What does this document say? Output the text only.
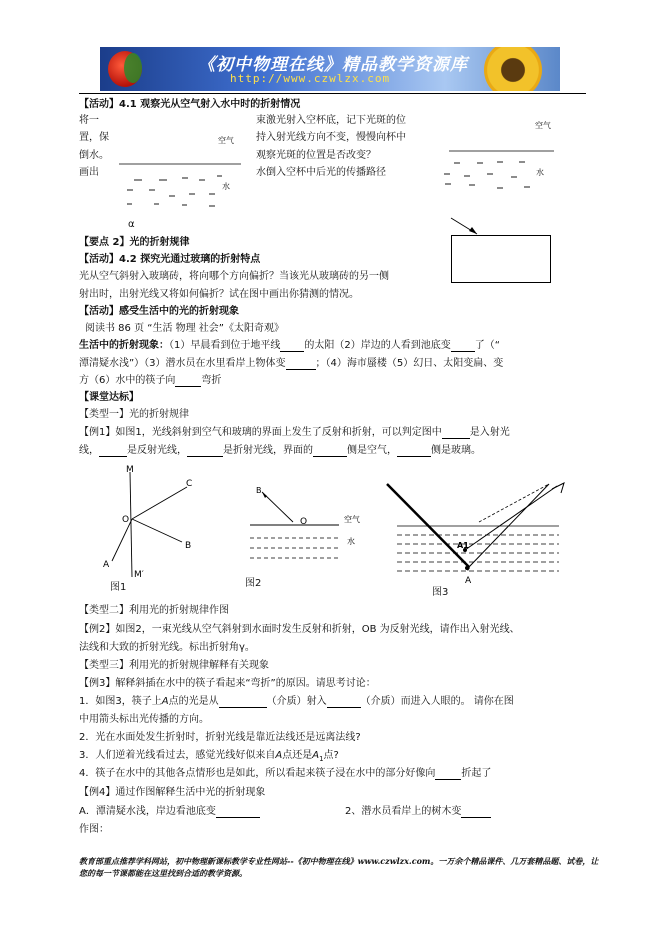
《初中物理在线》精品教学资源库
http://www.czwlzx.com
【活动】4.1 观察光从空气射入水中时的折射情况
将一
置，保
倒水。
画出
束激光射入空杯底，记下光斑的位
持入射光线方向不变，慢慢向杯中
观察光斑的位置是否改变？
水倒入空杯中后光的传播路径
空气
水
空气
水
α
【要点 2】光的折射规律
【活动】4.2 探究光通过玻璃的折射特点
光从空气斜射入玻璃砖，将向哪个方向偏折？当该光从玻璃砖的另一侧
射出时，出射光线又将如何偏折？试在图中画出你猜测的情况。
【活动】感受生活中的光的折射现象
阅读书 86 页 “生活 物理 社会”《太阳奇观》
生活中的折射现象：（1）早晨看到位于地平线 的太阳（2）岸边的人看到池底变 了（“
潭清疑水浅”）（3）潜水员在水里看岸上物体变	；（4）海市蜃楼（5）幻日、太阳变扁、变
方（6）水中的筷子向	弯折
【课堂达标】
【类型一】光的折射规律
【例1】如图1，光线斜射到空气和玻璃的界面上发生了反射和折射，可以判定图中	是入射光
线，	是反射光线，	是折射光线，界面的	侧是空气，	侧是玻璃。
M
C
O
B
A
M′
B
O	空气
水	A1
A
图1	图2
图3
【类型二】利用光的折射规律作图
【例2】如图2，一束光线从空气斜射到水面时发生反射和折射，OB 为反射光线，请作出入射光线、
法线和大致的折射光线。标出折射角γ。
【类型三】利用光的折射规律解释有关现象
【例3】解释斜插在水中的筷子看起来“弯折”的原因。请思考讨论：
1．如图3，筷子上A点的光是从	（介质）射入	（介质）而进入人眼的。 请你在图
中用箭头标出光传播的方向。
2．光在水面处发生折射时，折射光线是靠近法线还是远离法线?
3．人们逆着光线看过去，感觉光线好似来自A点还是$A_1$点?
4．筷子在水中的其他各点情形也是如此，所以看起来筷子浸在水中的部分好像向	折起了
【例4】通过作图解释生活中光的折射现象
A．潭清疑水浅，岸边看池底变	2、潜水员看岸上的树木变
作图：
教育部重点推荐学科网站，初中物理新课标教学专业性网站--《初中物理在线》www.czwlzx.com。一万余个精品课件、几万套精品题、试卷，让您的每一节课都能在这里找到合适的教学资源。
